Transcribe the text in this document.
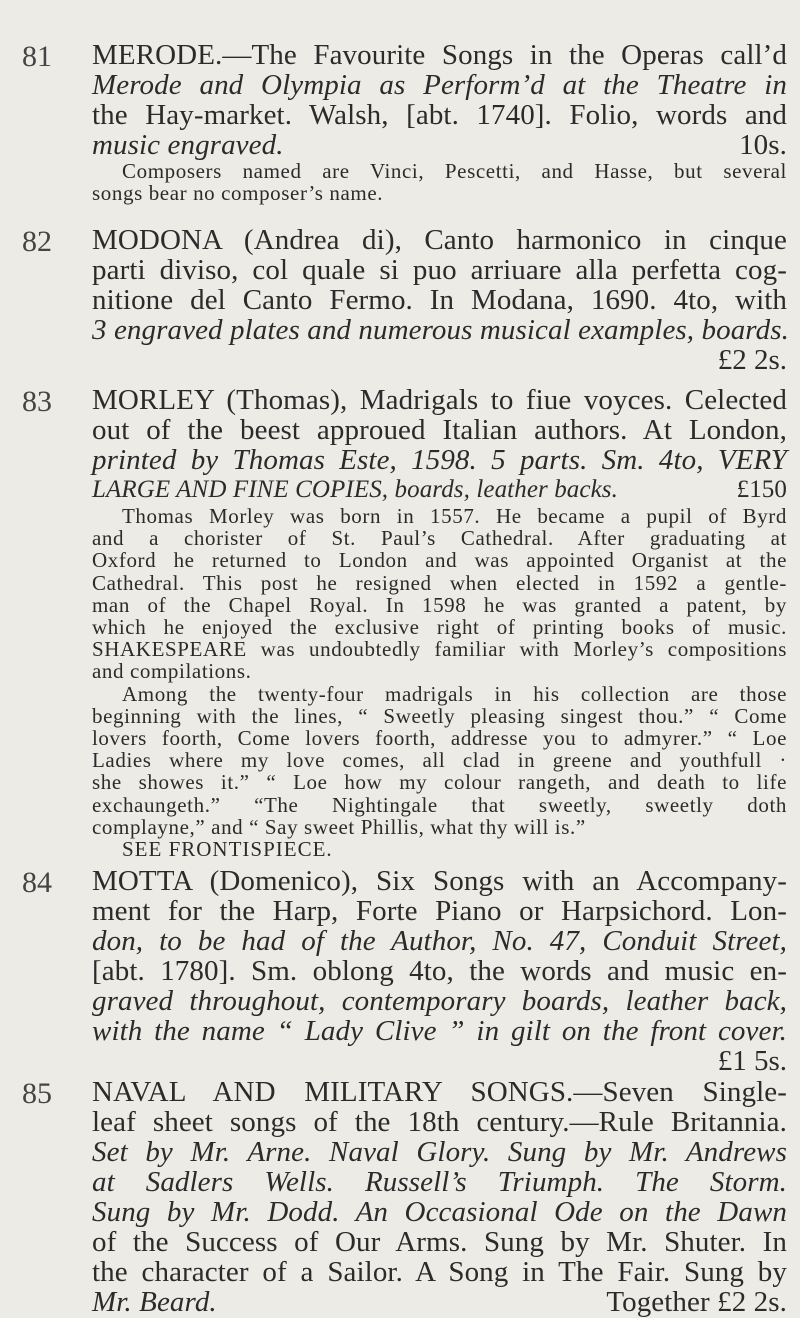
81 MERODE.—The Favourite Songs in the Operas call’d
Merode and Olympia as Perform’d at the Theatre in
the Hay-market. Walsh, [abt. 1740]. Folio, words and
music engraved.	10s.
Composers named are Vinci, Pescetti, and Hasse, but several
songs bear no composer’s name.
82 MODONA (Andrea di), Canto harmonico in cinque
parti diviso, col quale si puo arriuare alla perfetta cog-
nitione del Canto Fermo. In Modana, 1690. 4to, with
3 engraved plates and numerous musical examples, boards.
£2 2s.
83 MORLEY (Thomas), Madrigals to fiue voyces. Celected
out of the beest approued Italian authors. At London,
printed by Thomas Este, 1598. 5 parts. Sm. 4to, VERY
LARGE AND FINE COPIES, boards, leather backs.	£150
Thomas Morley was born in 1557. He became a pupil of Byrd
and a chorister of St. Paul’s Cathedral. After graduating at
Oxford he returned to London and was appointed Organist at the
Cathedral. This post he resigned when elected in 1592 a gentle-
man of the Chapel Royal. In 1598 he was granted a patent, by
which he enjoyed the exclusive right of printing books of music.
SHAKESPEARE was undoubtedly familiar with Morley’s compositions
and compilations.
Among the twenty-four madrigals in his collection are those
beginning with the lines, “ Sweetly pleasing singest thou.” “ Come
lovers foorth, Come lovers foorth, addresse you to admyrer.” “ Loe
Ladies where my love comes, all clad in greene and youthfull ·
she showes it.” “ Loe how my colour rangeth, and death to life
exchaungeth.” “The Nightingale that sweetly, sweetly doth
complayne,” and “ Say sweet Phillis, what thy will is.”
SEE FRONTISPIECE.
84 MOTTA (Domenico), Six Songs with an Accompany-
ment for the Harp, Forte Piano or Harpsichord. Lon-
don, to be had of the Author, No. 47, Conduit Street,
[abt. 1780]. Sm. oblong 4to, the words and music en-
graved throughout, contemporary boards, leather back,
with the name “ Lady Clive ” in gilt on the front cover.
£1 5s.
85 NAVAL AND MILITARY SONGS.—Seven Single-
leaf sheet songs of the 18th century.—Rule Britannia.
Set by Mr. Arne. Naval Glory. Sung by Mr. Andrews
at Sadlers Wells. Russell’s Triumph. The Storm.
Sung by Mr. Dodd. An Occasional Ode on the Dawn
of the Success of Our Arms. Sung by Mr. Shuter. In
the character of a Sailor. A Song in The Fair. Sung by
Mr. Beard.	Together £2 2s.
